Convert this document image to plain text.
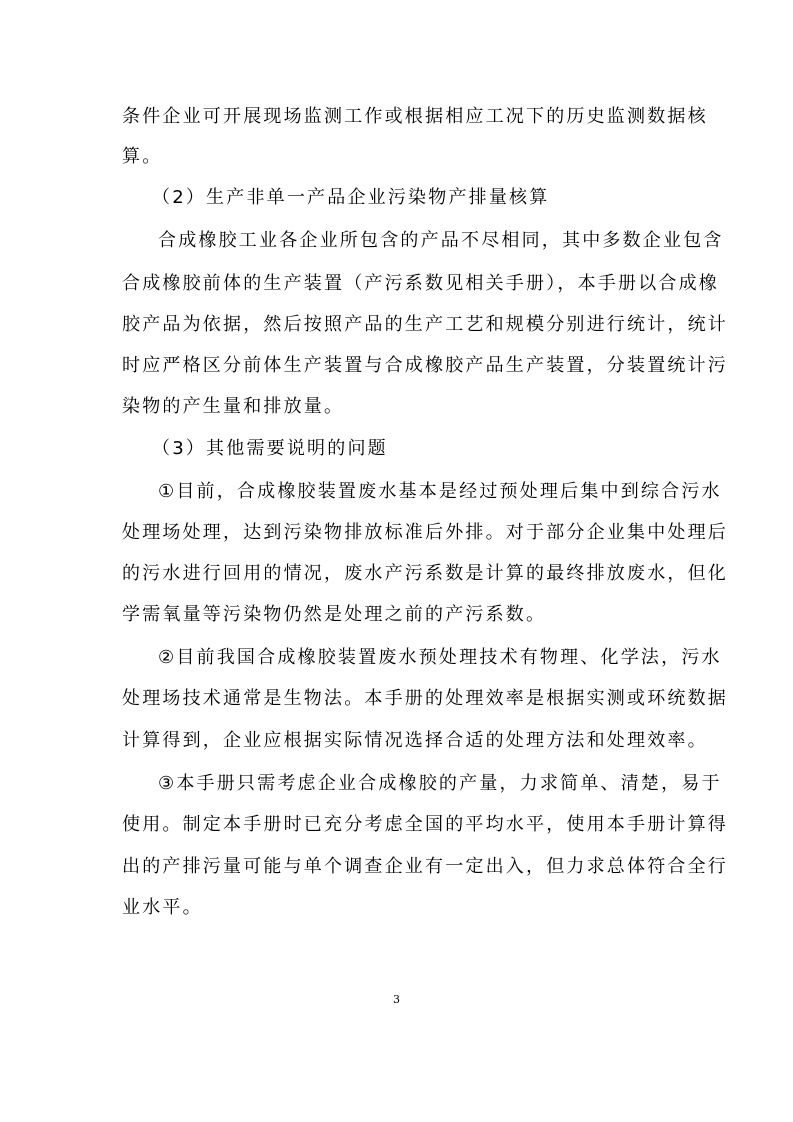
条件企业可开展现场监测工作或根据相应工况下的历史监测数据核
算。
（2）生产非单一产品企业污染物产排量核算
合成橡胶工业各企业所包含的产品不尽相同，其中多数企业包含
合成橡胶前体的生产装置（产污系数见相关手册），本手册以合成橡
胶产品为依据，然后按照产品的生产工艺和规模分别进行统计，统计
时应严格区分前体生产装置与合成橡胶产品生产装置，分装置统计污
染物的产生量和排放量。
（3）其他需要说明的问题
①目前，合成橡胶装置废水基本是经过预处理后集中到综合污水
处理场处理，达到污染物排放标准后外排。对于部分企业集中处理后
的污水进行回用的情况，废水产污系数是计算的最终排放废水，但化
学需氧量等污染物仍然是处理之前的产污系数。
②目前我国合成橡胶装置废水预处理技术有物理、化学法，污水
处理场技术通常是生物法。本手册的处理效率是根据实测或环统数据
计算得到，企业应根据实际情况选择合适的处理方法和处理效率。
③本手册只需考虑企业合成橡胶的产量，力求简单、清楚，易于
使用。制定本手册时已充分考虑全国的平均水平，使用本手册计算得
出的产排污量可能与单个调查企业有一定出入，但力求总体符合全行
业水平。
3
